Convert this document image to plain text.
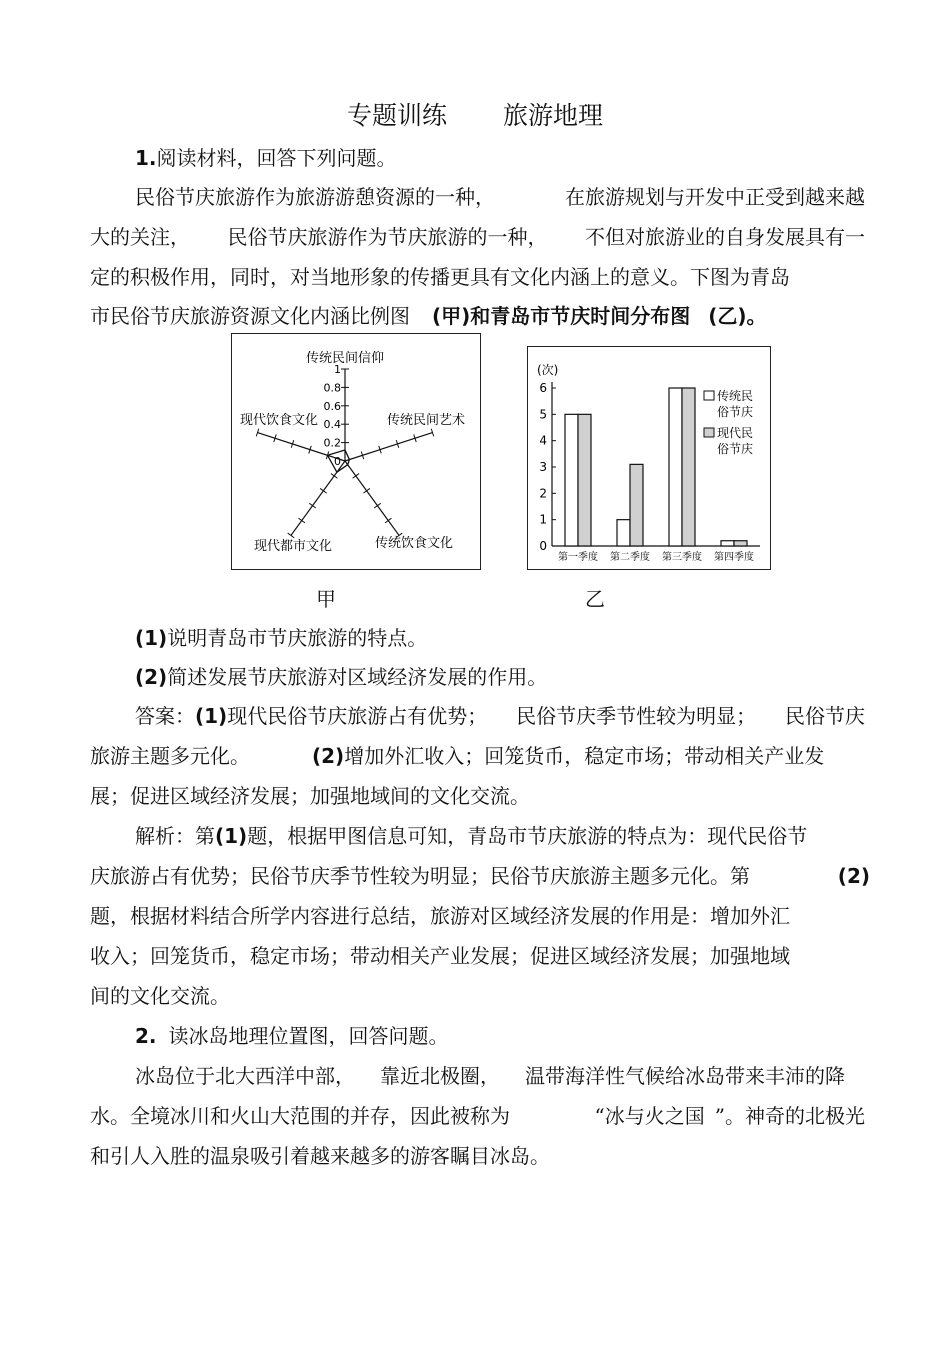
专题训练 旅游地理
1.阅读材料，回答下列问题。
民俗节庆旅游作为旅游游憩资源的一种，	在旅游规划与开发中正受到越来越
大的关注， 民俗节庆旅游作为节庆旅游的一种， 不但对旅游业的自身发展具有一
定的积极作用，同时，对当地形象的传播更具有文化内涵上的意义。下图为青岛
市民俗节庆旅游资源文化内涵比例图 (甲)和青岛市节庆时间分布图 (乙)。
1
0.8
0.6
0.4
0.2
0
传统民间信仰
传统民间艺术
传统饮食文化
现代都市文化
现代饮食文化
(次)
6
5
4
3
2
1
0
第一季度 第二季度 第三季度 第四季度
传统民
俗节庆
现代民
俗节庆
甲	乙
(1)说明青岛市节庆旅游的特点。
(2)简述发展节庆旅游对区域经济发展的作用。
答案：(1)现代民俗节庆旅游占有优势； 民俗节庆季节性较为明显； 民俗节庆
旅游主题多元化。	(2)增加外汇收入；回笼货币，稳定市场；带动相关产业发
展；促进区域经济发展；加强地域间的文化交流。
解析：第(1)题，根据甲图信息可知，青岛市节庆旅游的特点为：现代民俗节
庆旅游占有优势；民俗节庆季节性较为明显；民俗节庆旅游主题多元化。第	(2)
题，根据材料结合所学内容进行总结，旅游对区域经济发展的作用是：增加外汇
收入；回笼货币，稳定市场；带动相关产业发展；促进区域经济发展；加强地域
间的文化交流。
2. 读冰岛地理位置图，回答问题。
冰岛位于北大西洋中部， 靠近北极圈， 温带海洋性气候给冰岛带来丰沛的降
水。全境冰川和火山大范围的并存，因此被称为	“冰与火之国 ”。神奇的北极光
和引人入胜的温泉吸引着越来越多的游客瞩目冰岛。
